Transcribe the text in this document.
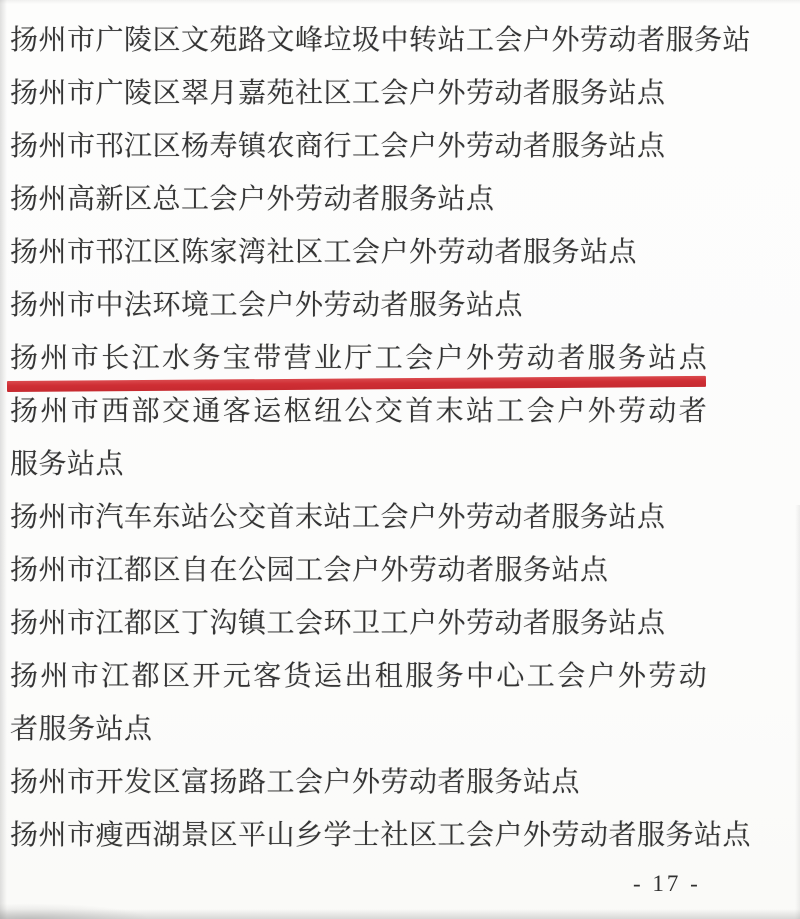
扬州市广陵区文苑路文峰垃圾中转站工会户外劳动者服务站
扬州市广陵区翠月嘉苑社区工会户外劳动者服务站点
扬州市邗江区杨寿镇农商行工会户外劳动者服务站点
扬州高新区总工会户外劳动者服务站点
扬州市邗江区陈家湾社区工会户外劳动者服务站点
扬州市中法环境工会户外劳动者服务站点
扬州市长江水务宝带营业厅工会户外劳动者服务站点
扬州市西部交通客运枢纽公交首末站工会户外劳动者
服务站点
扬州市汽车东站公交首末站工会户外劳动者服务站点
扬州市江都区自在公园工会户外劳动者服务站点
扬州市江都区丁沟镇工会环卫工户外劳动者服务站点
扬州市江都区开元客货运出租服务中心工会户外劳动
者服务站点
扬州市开发区富扬路工会户外劳动者服务站点
扬州市瘦西湖景区平山乡学士社区工会户外劳动者服务站点
- 17 -
